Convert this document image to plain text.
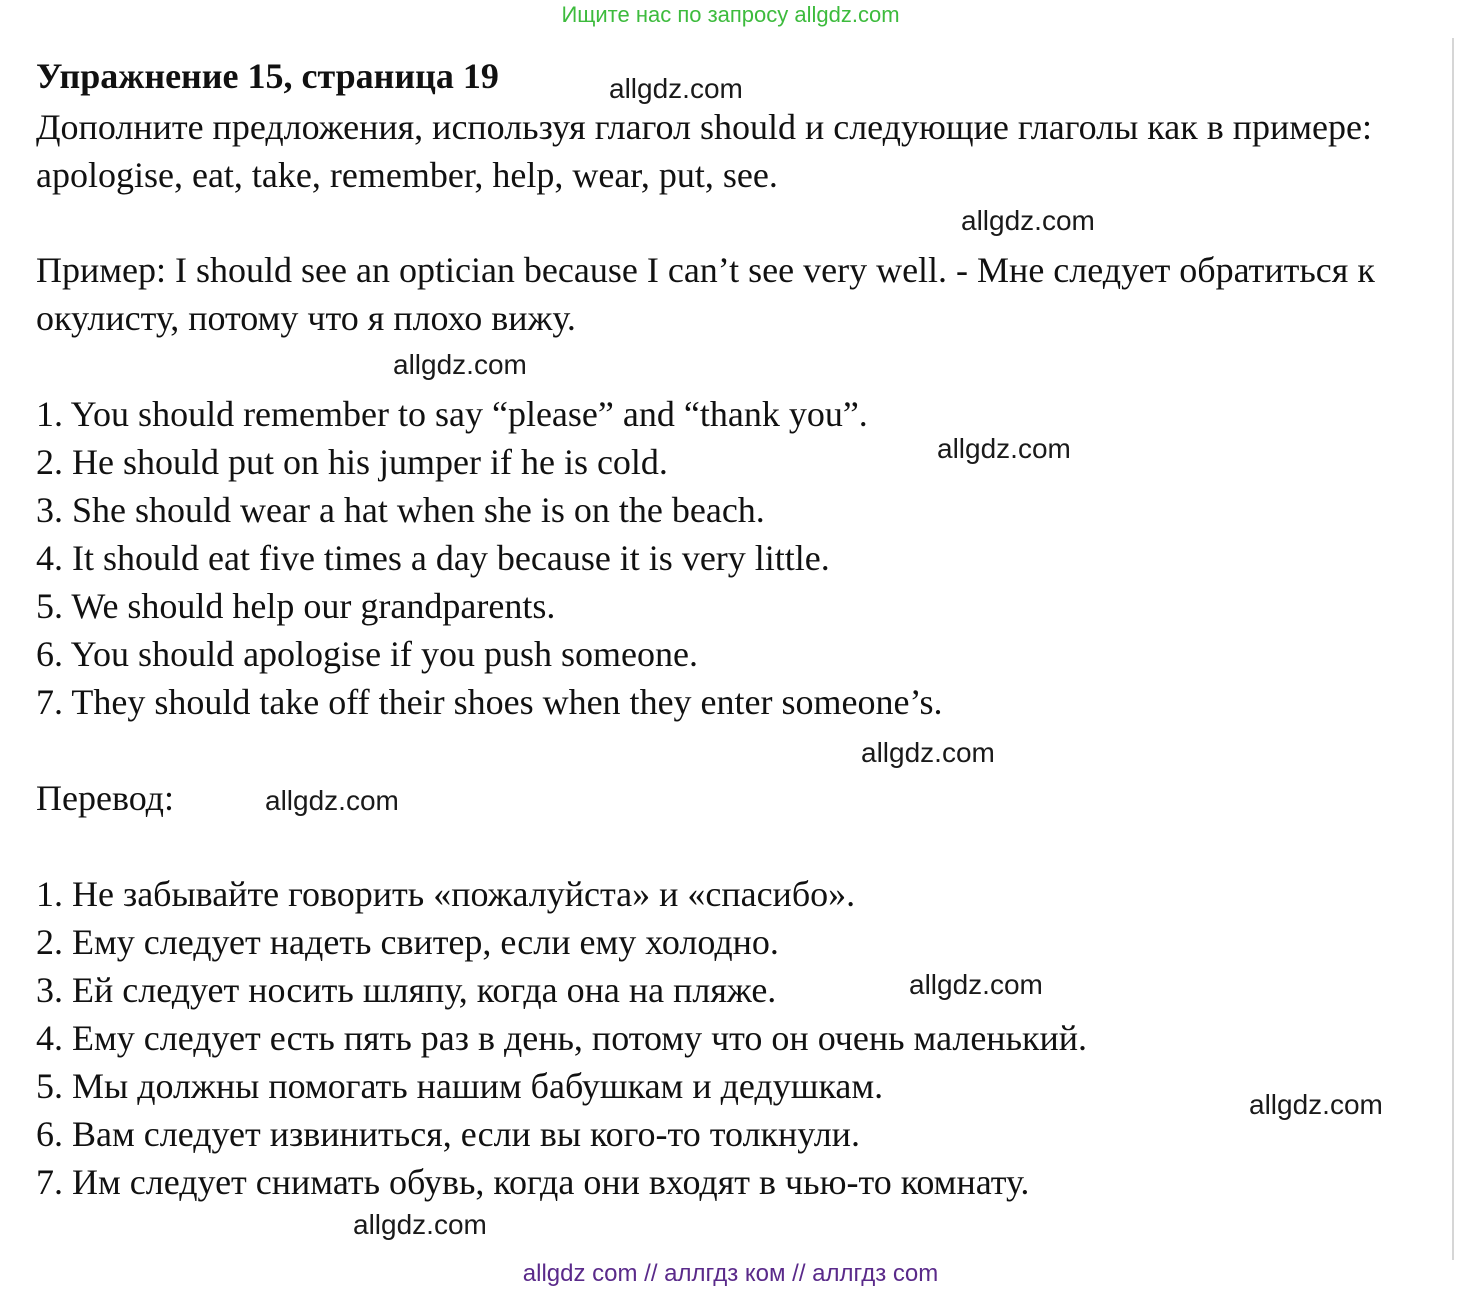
Ищите нас по запросу allgdz.com
Упражнение 15, страница 19
Дополните предложения, используя глагол should и следующие глаголы как в примере: apologise, eat, take, remember, help, wear, put, see.
Пример: I should see an optician because I can’t see very well. - Мне следует обратиться к окулисту, потому что я плохо вижу.
1. You should remember to say “please” and “thank you”.
2. He should put on his jumper if he is cold.
3. She should wear a hat when she is on the beach.
4. It should eat five times a day because it is very little.
5. We should help our grandparents.
6. You should apologise if you push someone.
7. They should take off their shoes when they enter someone’s.
Перевод:
1. Не забывайте говорить «пожалуйста» и «спасибо».
2. Ему следует надеть свитер, если ему холодно.
3. Ей следует носить шляпу, когда она на пляже.
4. Ему следует есть пять раз в день, потому что он очень маленький.
5. Мы должны помогать нашим бабушкам и дедушкам.
6. Вам следует извиниться, если вы кого-то толкнули.
7. Им следует снимать обувь, когда они входят в чью-то комнату.
allgdz.com
allgdz.com
allgdz.com
allgdz.com
allgdz.com
allgdz.com
allgdz.com
allgdz.com
allgdz.com
allgdz com // аллгдз ком // аллгдз com
